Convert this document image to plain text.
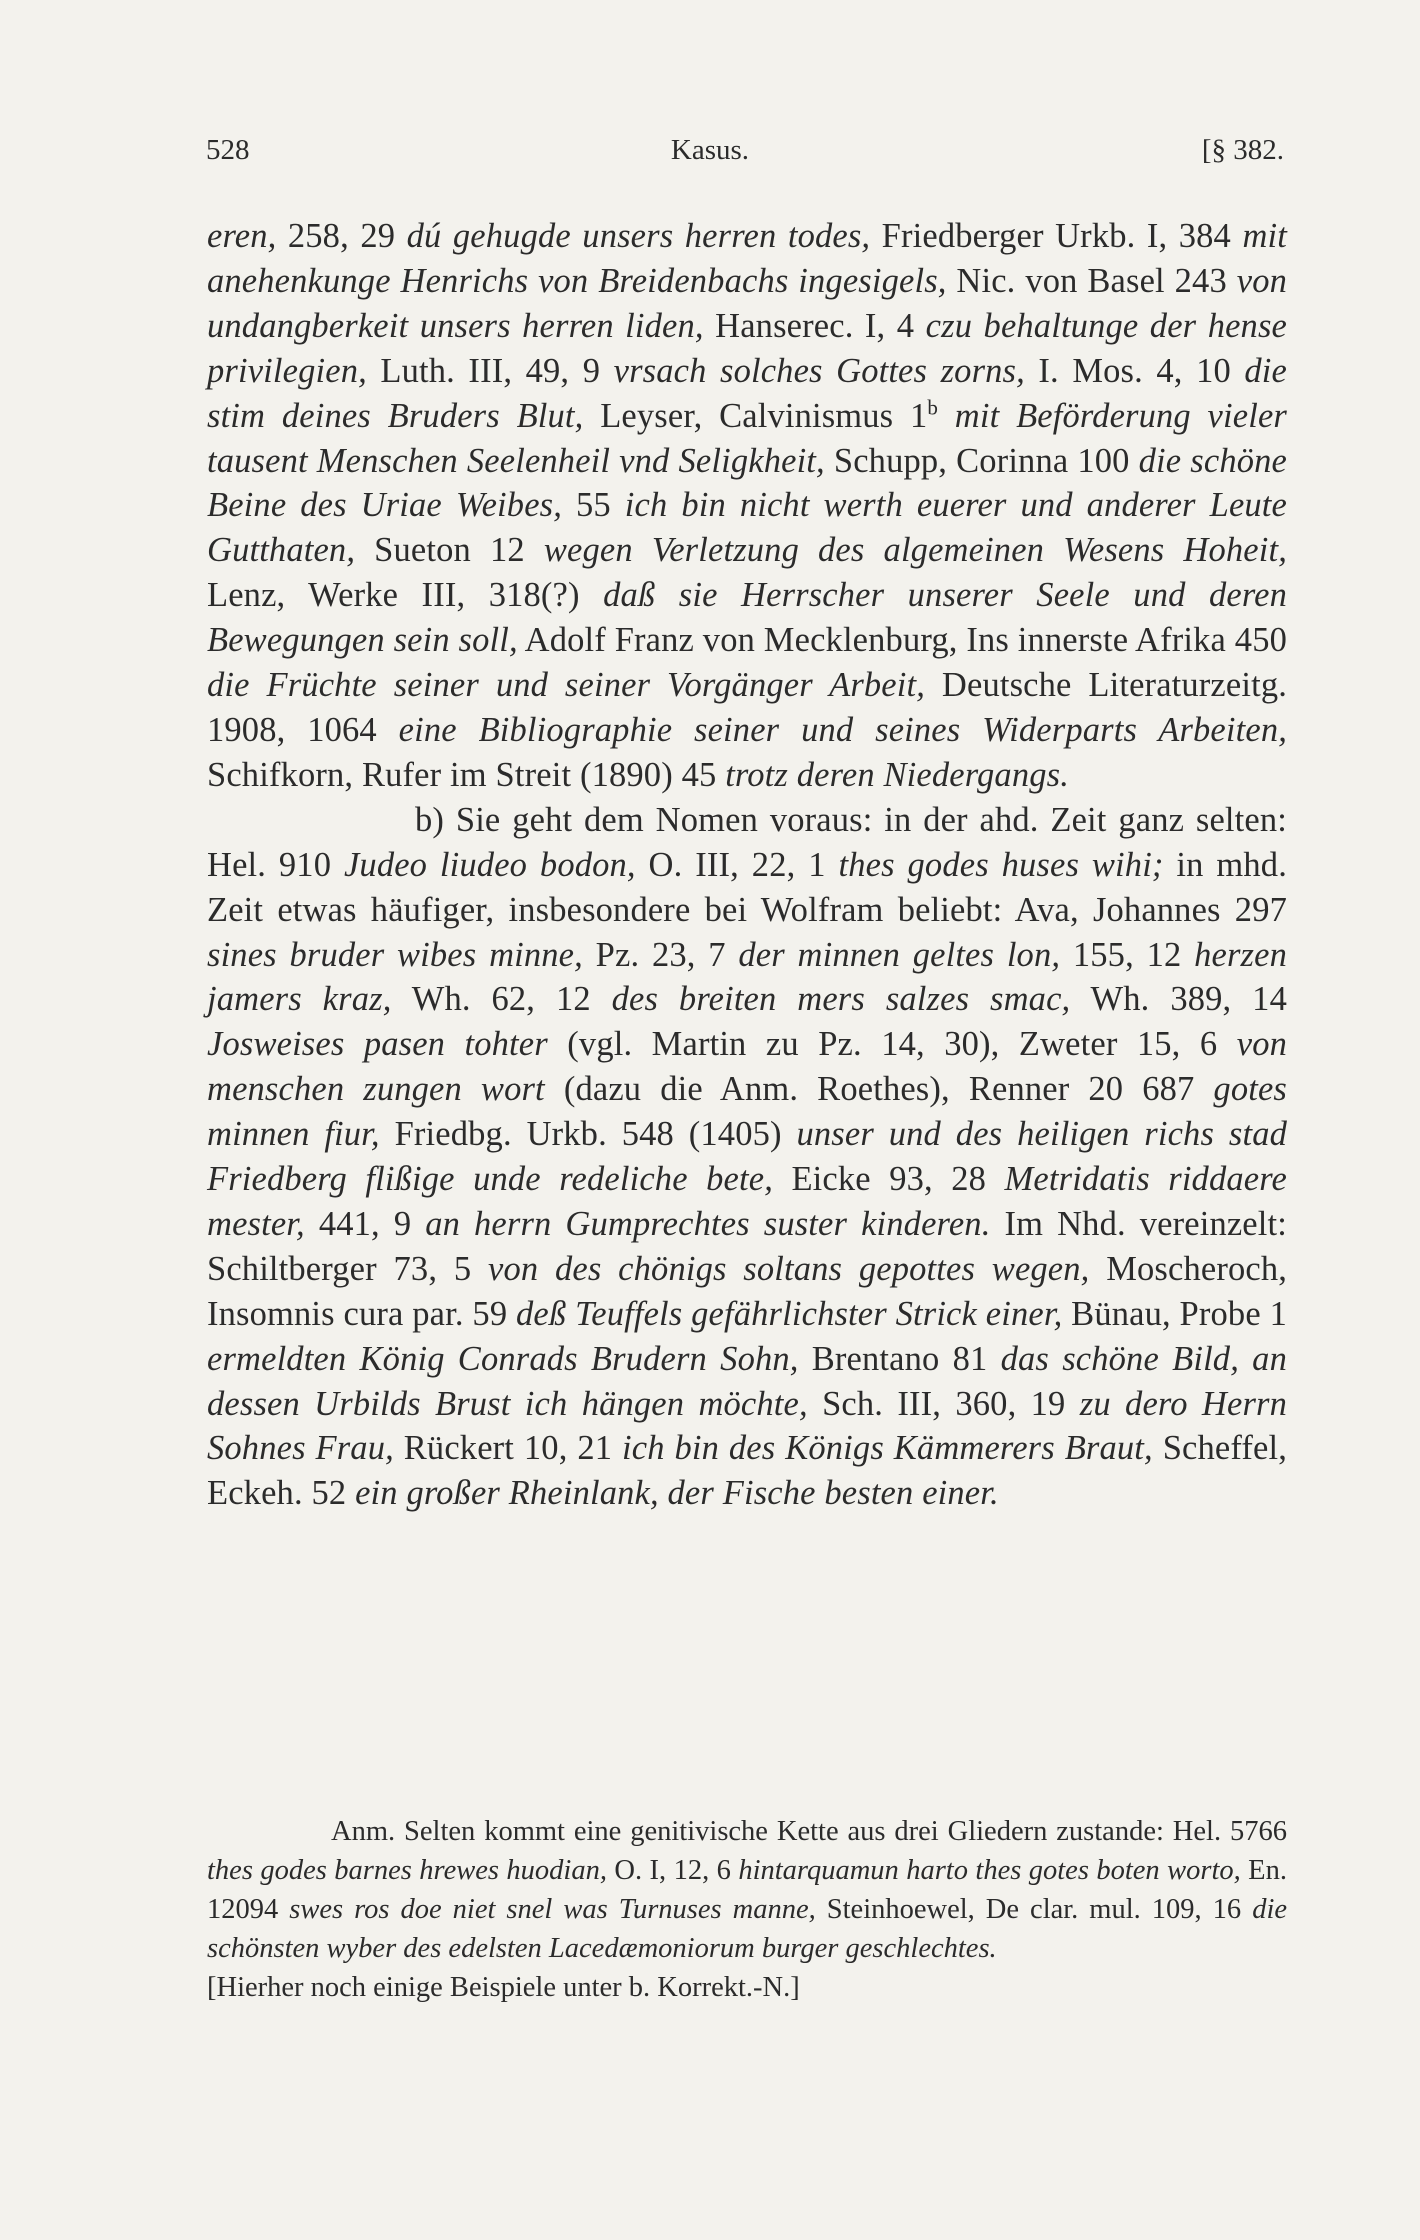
528	Kasus.	[§ 382.

eren, 258, 29 dú gehugde unsers herren todes, Friedberger Urkb. I, 384 mit anehenkunge Henrichs von Breidenbachs ingesigels, Nic. von Basel 243 von undangberkeit unsers herren liden, Hanserec. I, 4 czu behaltunge der hense privilegien, Luth. III, 49, 9 vrsach solches Gottes zorns, I. Mos. 4, 10 die stim deines Bruders Blut, Leyser, Calvinismus 1$^b$ mit Beförderung vieler tausent Menschen Seelenheil vnd Seligkheit, Schupp, Corinna 100 die schöne Beine des Uriae Weibes, 55 ich bin nicht werth euerer und anderer Leute Gutthaten, Sueton 12 wegen Verletzung des algemeinen Wesens Hoheit, Lenz, Werke III, 318(?) daß sie Herrscher unserer Seele und deren Bewegungen sein soll, Adolf Franz von Mecklenburg, Ins innerste Afrika 450 die Früchte seiner und seiner Vorgänger Arbeit, Deutsche Literaturzeitg. 1908, 1064 eine Bibliographie seiner und seines Widerparts Arbeiten, Schifkorn, Rufer im Streit (1890) 45 trotz deren Niedergangs.

b) Sie geht dem Nomen voraus: in der ahd. Zeit ganz selten: Hel. 910 Judeo liudeo bodon, O. III, 22, 1 thes godes huses wihi; in mhd. Zeit etwas häufiger, insbesondere bei Wolfram beliebt: Ava, Johannes 297 sines bruder wibes minne, Pz. 23, 7 der minnen geltes lon, 155, 12 herzen jamers kraz, Wh. 62, 12 des breiten mers salzes smac, Wh. 389, 14 Josweises pasen tohter (vgl. Martin zu Pz. 14, 30), Zweter 15, 6 von menschen zungen wort (dazu die Anm. Roethes), Renner 20 687 gotes minnen fiur, Friedbg. Urkb. 548 (1405) unser und des heiligen richs stad Friedberg flißige unde redeliche bete, Eicke 93, 28 Metridatis riddaere mester, 441, 9 an herrn Gumprechtes suster kinderen. Im Nhd. vereinzelt: Schiltberger 73, 5 von des chönigs soltans gepottes wegen, Moscheroch, Insomnis cura par. 59 deß Teuffels gefährlichster Strick einer, Bünau, Probe 1 ermeldten König Conrads Brudern Sohn, Brentano 81 das schöne Bild, an dessen Urbilds Brust ich hängen möchte, Sch. III, 360, 19 zu dero Herrn Sohnes Frau, Rückert 10, 21 ich bin des Königs Kämmerers Braut, Scheffel, Eckeh. 52 ein großer Rheinlank, der Fische besten einer.

Anm. Selten kommt eine genitivische Kette aus drei Gliedern zustande: Hel. 5766 thes godes barnes hrewes huodian, O. I, 12, 6 hintarquamun harto thes gotes boten worto, En. 12094 swes ros doe niet snel was Turnuses manne, Steinhoewel, De clar. mul. 109, 16 die schönsten wyber des edelsten Lacedæmoniorum burger geschlechtes.

[Hierher noch einige Beispiele unter b. Korrekt.-N.]
